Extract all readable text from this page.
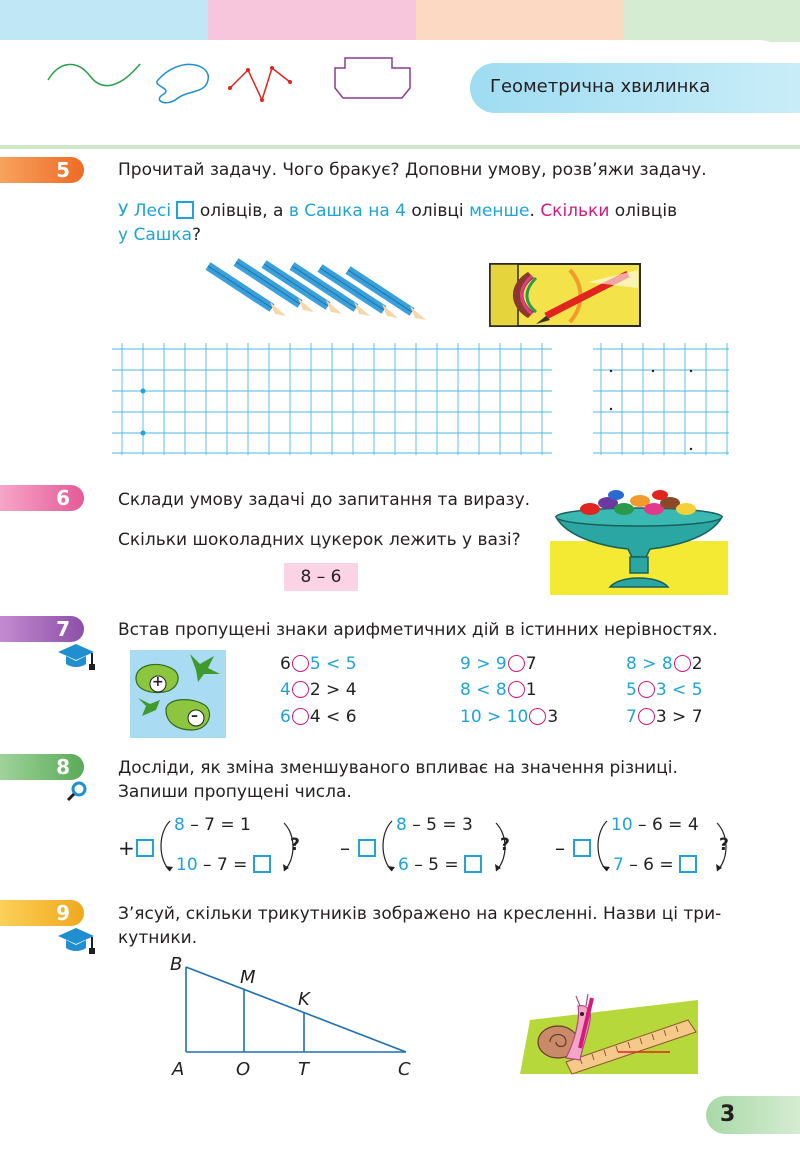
Геометрична хвилинка
5	Прочитай задачу. Чого бракує? Доповни умову, розв’яжи задачу.
У Лесі  олівців, а в Сашка на 4 олівці менше. Скільки олівців
у Сашка?
6	Склади умову задачі до запитання та виразу.
Скільки шоколадних цукерок лежить у вазі?
8 – 6
7	Встав пропущені знаки арифметичних дій в істинних нерівностях.
+
–
6 5 < 5	9 > 9 7	8 > 8 2
4 2 > 4	8 < 8 1	5 3 < 5
6 4 < 6	10 > 10 3	7 3 > 7
8	Досліди, як зміна зменшуваного впливає на значення різниці.
Запиши пропущені числа.
+
8 – 7 = 1
10 – 7 =
? –
8 – 5 = 3
6 – 5 =
? –
10 – 6 = 4
7 – 6 =
?
9	З’ясуй, скільки трикутників зображено на кресленні. Назви ці три-
кутники.
B
M
K
A	O	T	C
3
